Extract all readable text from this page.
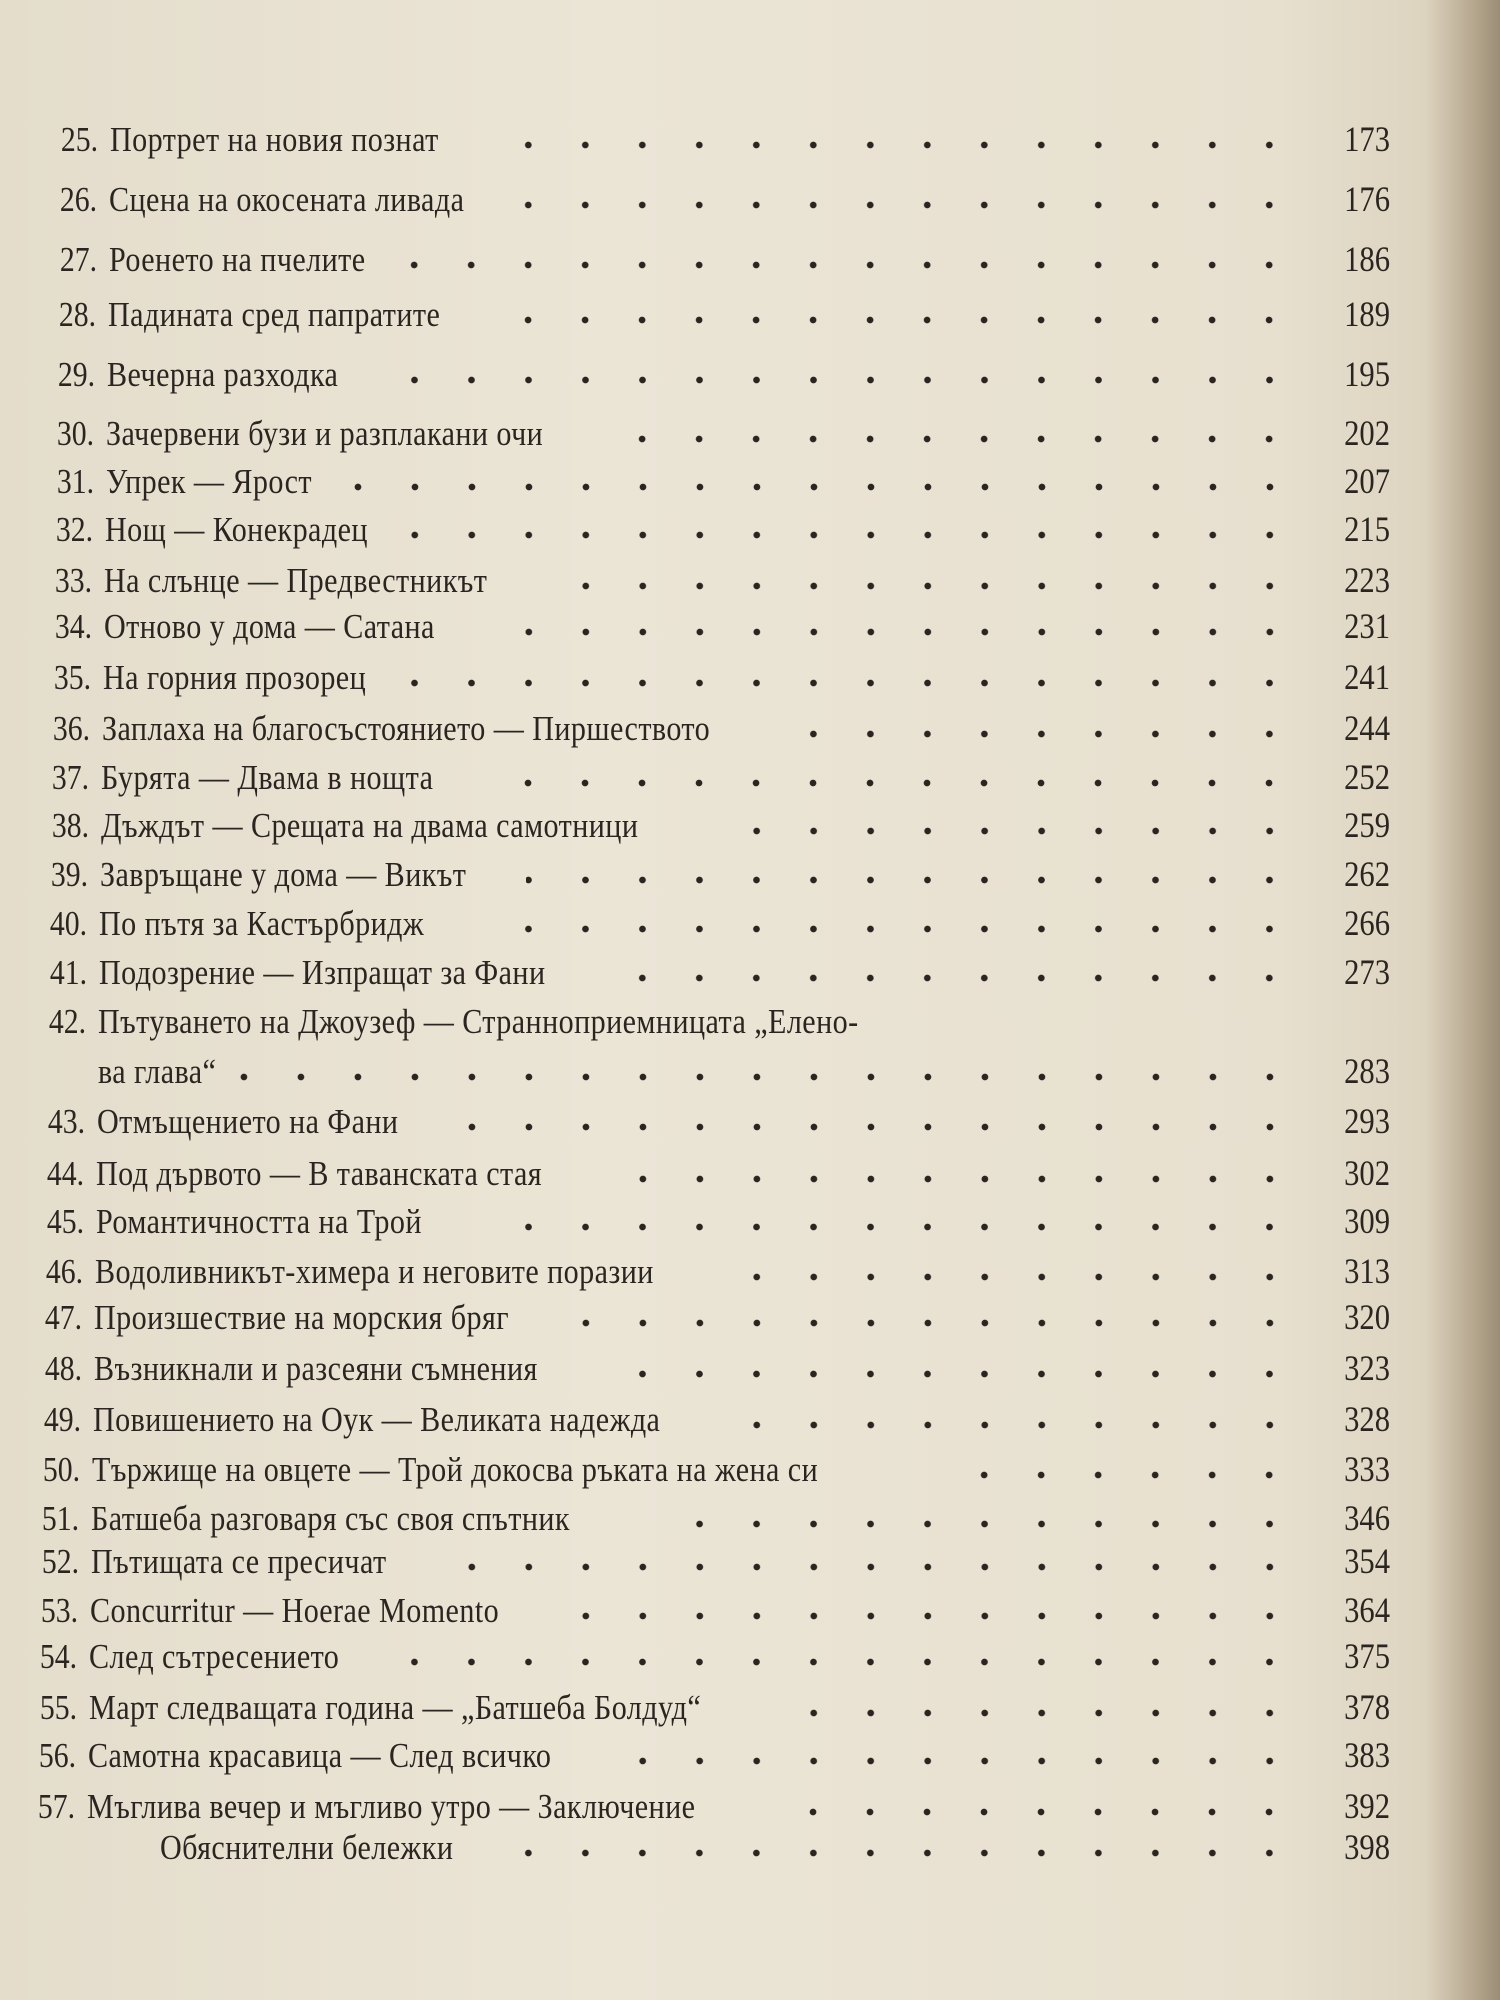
25. Портрет на новия познат	173
26. Сцена на окосената ливада	176
27. Роенето на пчелите	186
28. Падината сред папратите	189
29. Вечерна разходка	195
30. Зачервени бузи и разплакани очи	202
31. Упрек — Ярост	207
32. Нощ — Конекрадец	215
33. На слънце — Предвестникът	223
34. Отново у дома — Сатана	231
35. На горния прозорец	241
36. Заплаха на благосъстоянието — Пиршеството	244
37. Бурята — Двама в нощта	252
38. Дъждът — Срещата на двама самотници	259
39. Завръщане у дома — Викът	262
40. По пътя за Кастърбридж	266
41. Подозрение — Изпращат за Фани	273
42. Пътуването на Джоузеф — Странноприемницата „Елено-
ва глава“	283
43. Отмъщението на Фани	293
44. Под дървото — В таванската стая	302
45. Романтичността на Трой	309
46. Водоливникът-химера и неговите поразии	313
47. Произшествие на морския бряг	320
48. Възникнали и разсеяни съмнения	323
49. Повишението на Оук — Великата надежда	328
50. Тържище на овцете — Трой докосва ръката на жена си	333
51. Батшеба разговаря със своя спътник	346
52. Пътищата се пресичат	354
53. Concurritur — Hoerae Momento	364
54. След сътресението	375
55. Март следващата година — „Батшеба Болдуд“	378
56. Самотна красавица — След всичко	383
57. Мъглива вечер и мъгливо утро — Заключение	392
Обяснителни бележки	398
